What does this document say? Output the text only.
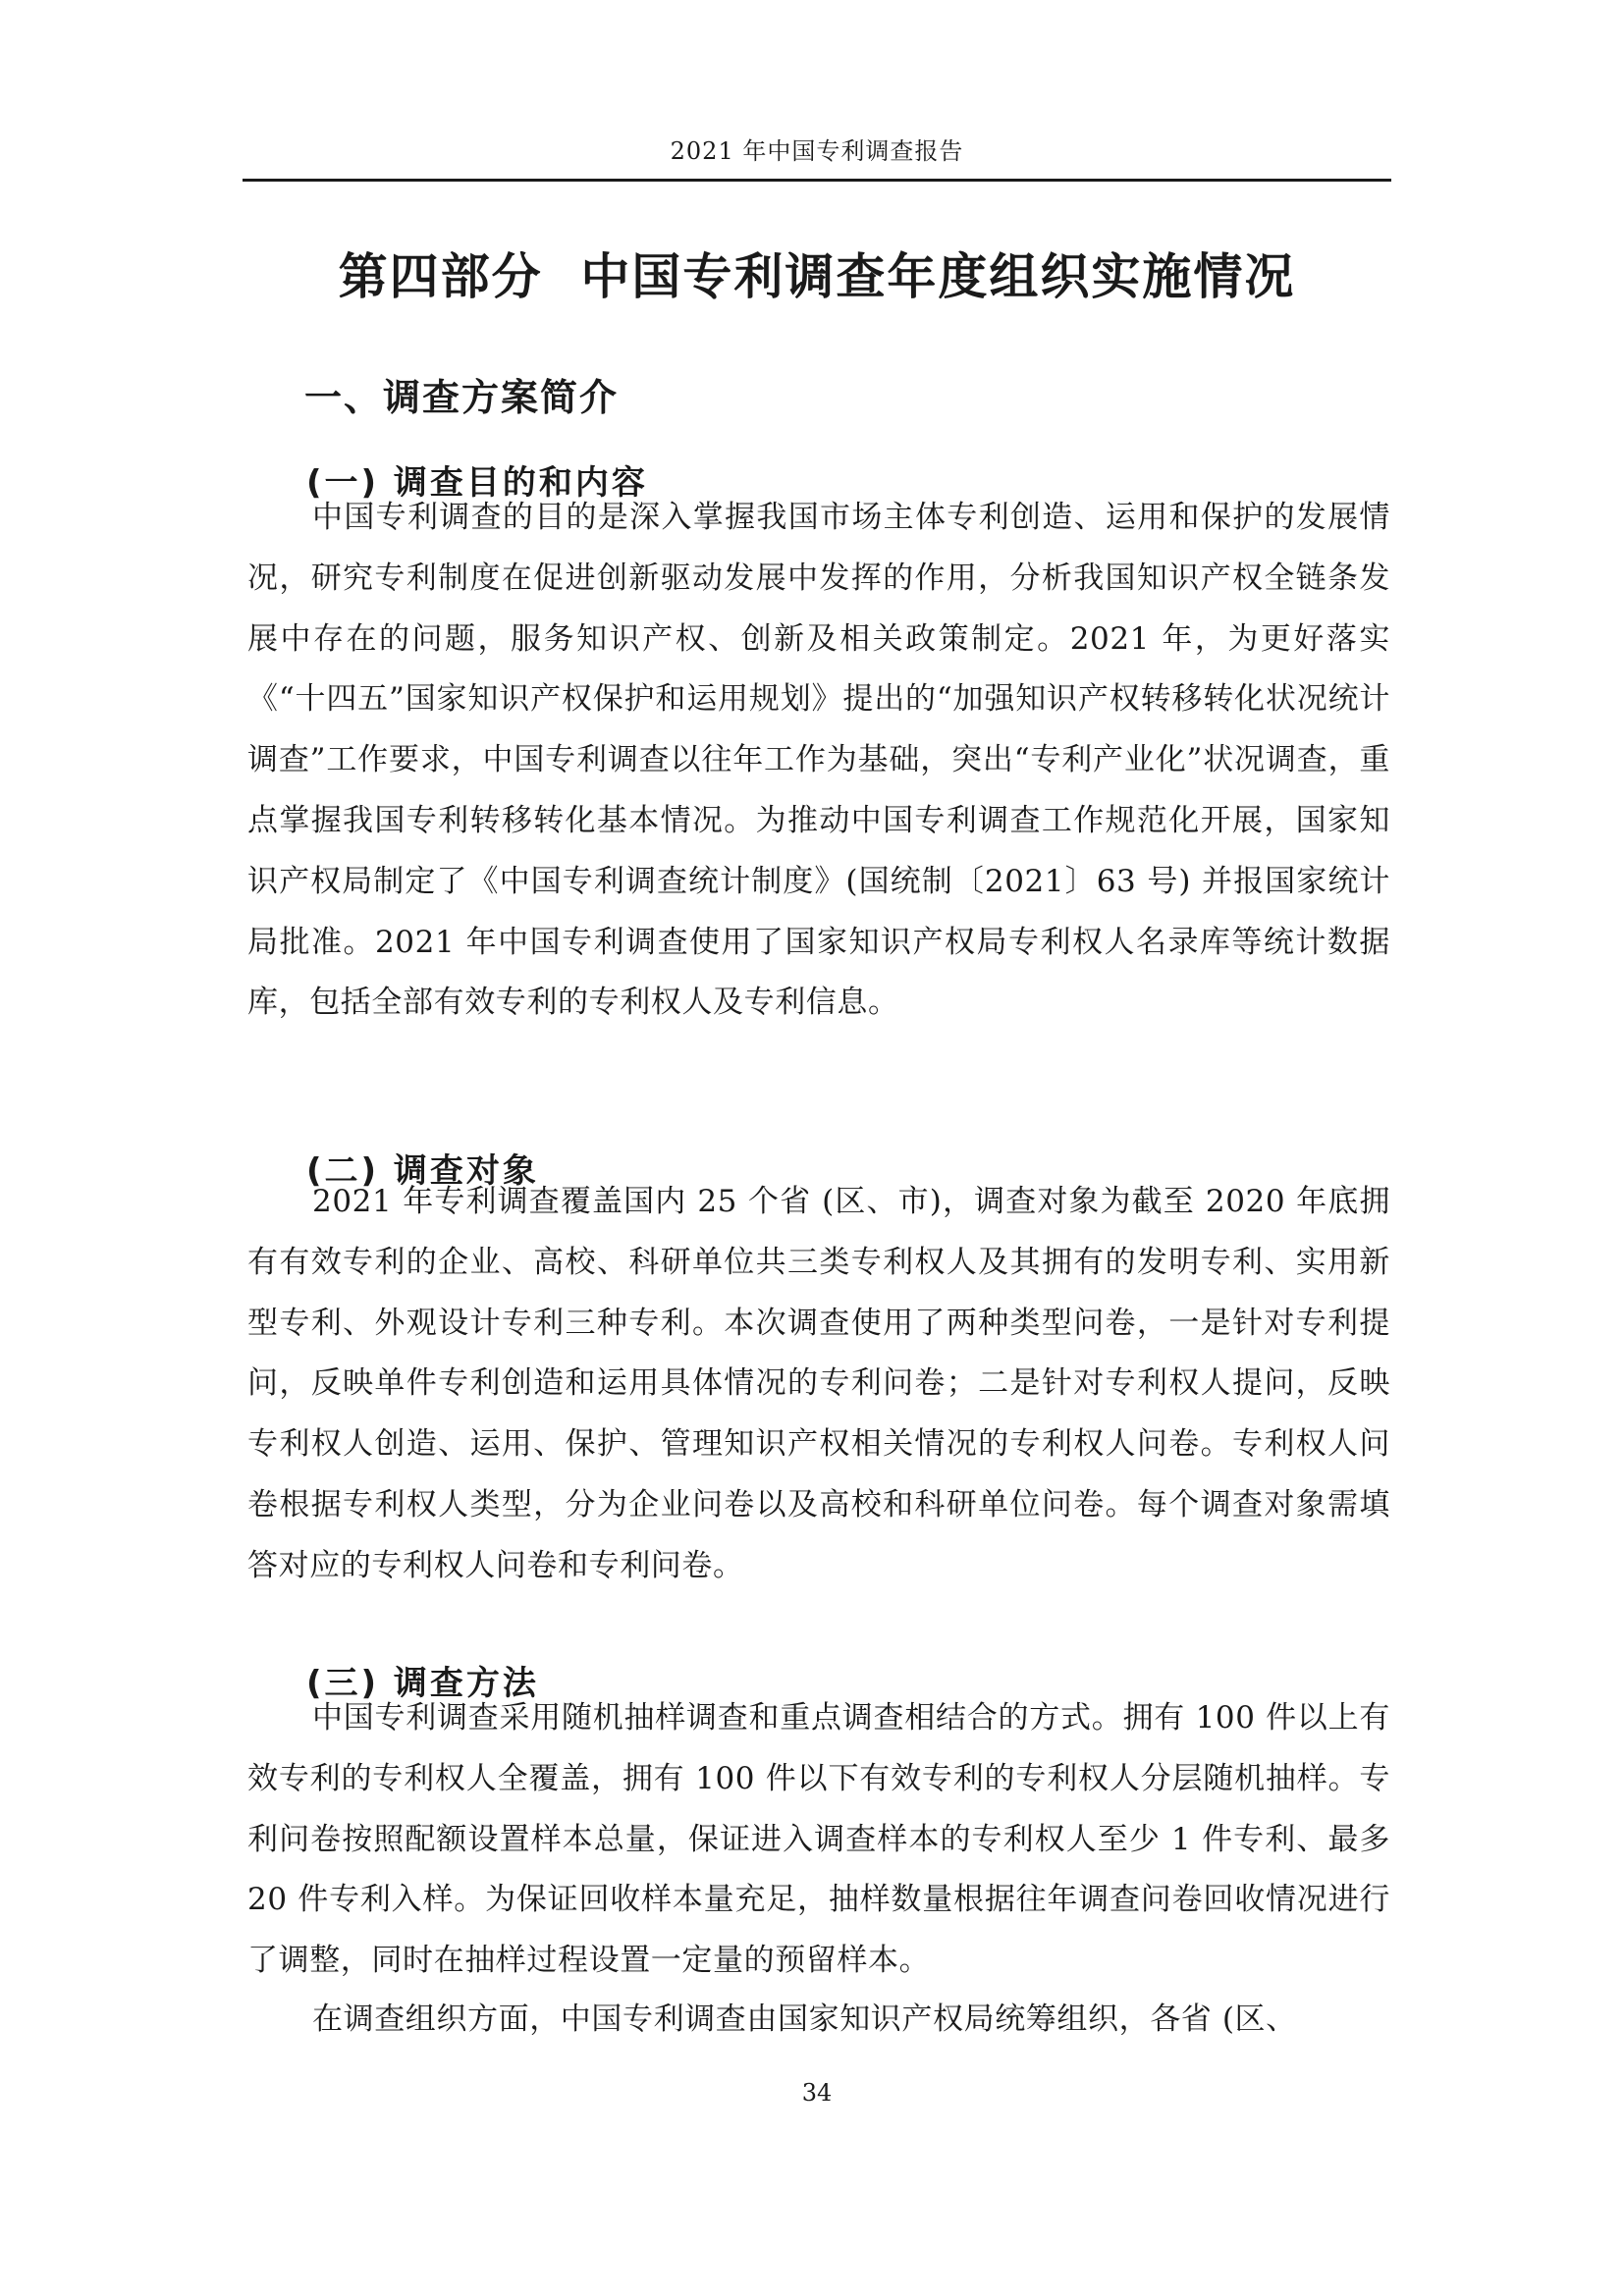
2021 年中国专利调查报告
第四部分  中国专利调查年度组织实施情况
一、调查方案简介
(一) 调查目的和内容

中国专利调查的目的是深入掌握我国市场主体专利创造、运用和保护的发展情况，研究专利制度在促进创新驱动发展中发挥的作用，分析我国知识产权全链条发展中存在的问题，服务知识产权、创新及相关政策制定。2021 年，为更好落实《“十四五”国家知识产权保护和运用规划》提出的“加强知识产权转移转化状况统计调查”工作要求，中国专利调查以往年工作为基础，突出“专利产业化”状况调查，重点掌握我国专利转移转化基本情况。为推动中国专利调查工作规范化开展，国家知识产权局制定了《中国专利调查统计制度》(国统制〔2021〕63 号) 并报国家统计局批准。2021 年中国专利调查使用了国家知识产权局专利权人名录库等统计数据库，包括全部有效专利的专利权人及专利信息。

(二) 调查对象

2021 年专利调查覆盖国内 25 个省 (区、市)，调查对象为截至 2020 年底拥有有效专利的企业、高校、科研单位共三类专利权人及其拥有的发明专利、实用新型专利、外观设计专利三种专利。本次调查使用了两种类型问卷，一是针对专利提问，反映单件专利创造和运用具体情况的专利问卷；二是针对专利权人提问，反映专利权人创造、运用、保护、管理知识产权相关情况的专利权人问卷。专利权人问卷根据专利权人类型，分为企业问卷以及高校和科研单位问卷。每个调查对象需填答对应的专利权人问卷和专利问卷。

(三) 调查方法

中国专利调查采用随机抽样调查和重点调查相结合的方式。拥有 100 件以上有效专利的专利权人全覆盖，拥有 100 件以下有效专利的专利权人分层随机抽样。专利问卷按照配额设置样本总量，保证进入调查样本的专利权人至少 1 件专利、最多 20 件专利入样。为保证回收样本量充足，抽样数量根据往年调查问卷回收情况进行了调整，同时在抽样过程设置一定量的预留样本。

在调查组织方面，中国专利调查由国家知识产权局统筹组织，各省 (区、

34
